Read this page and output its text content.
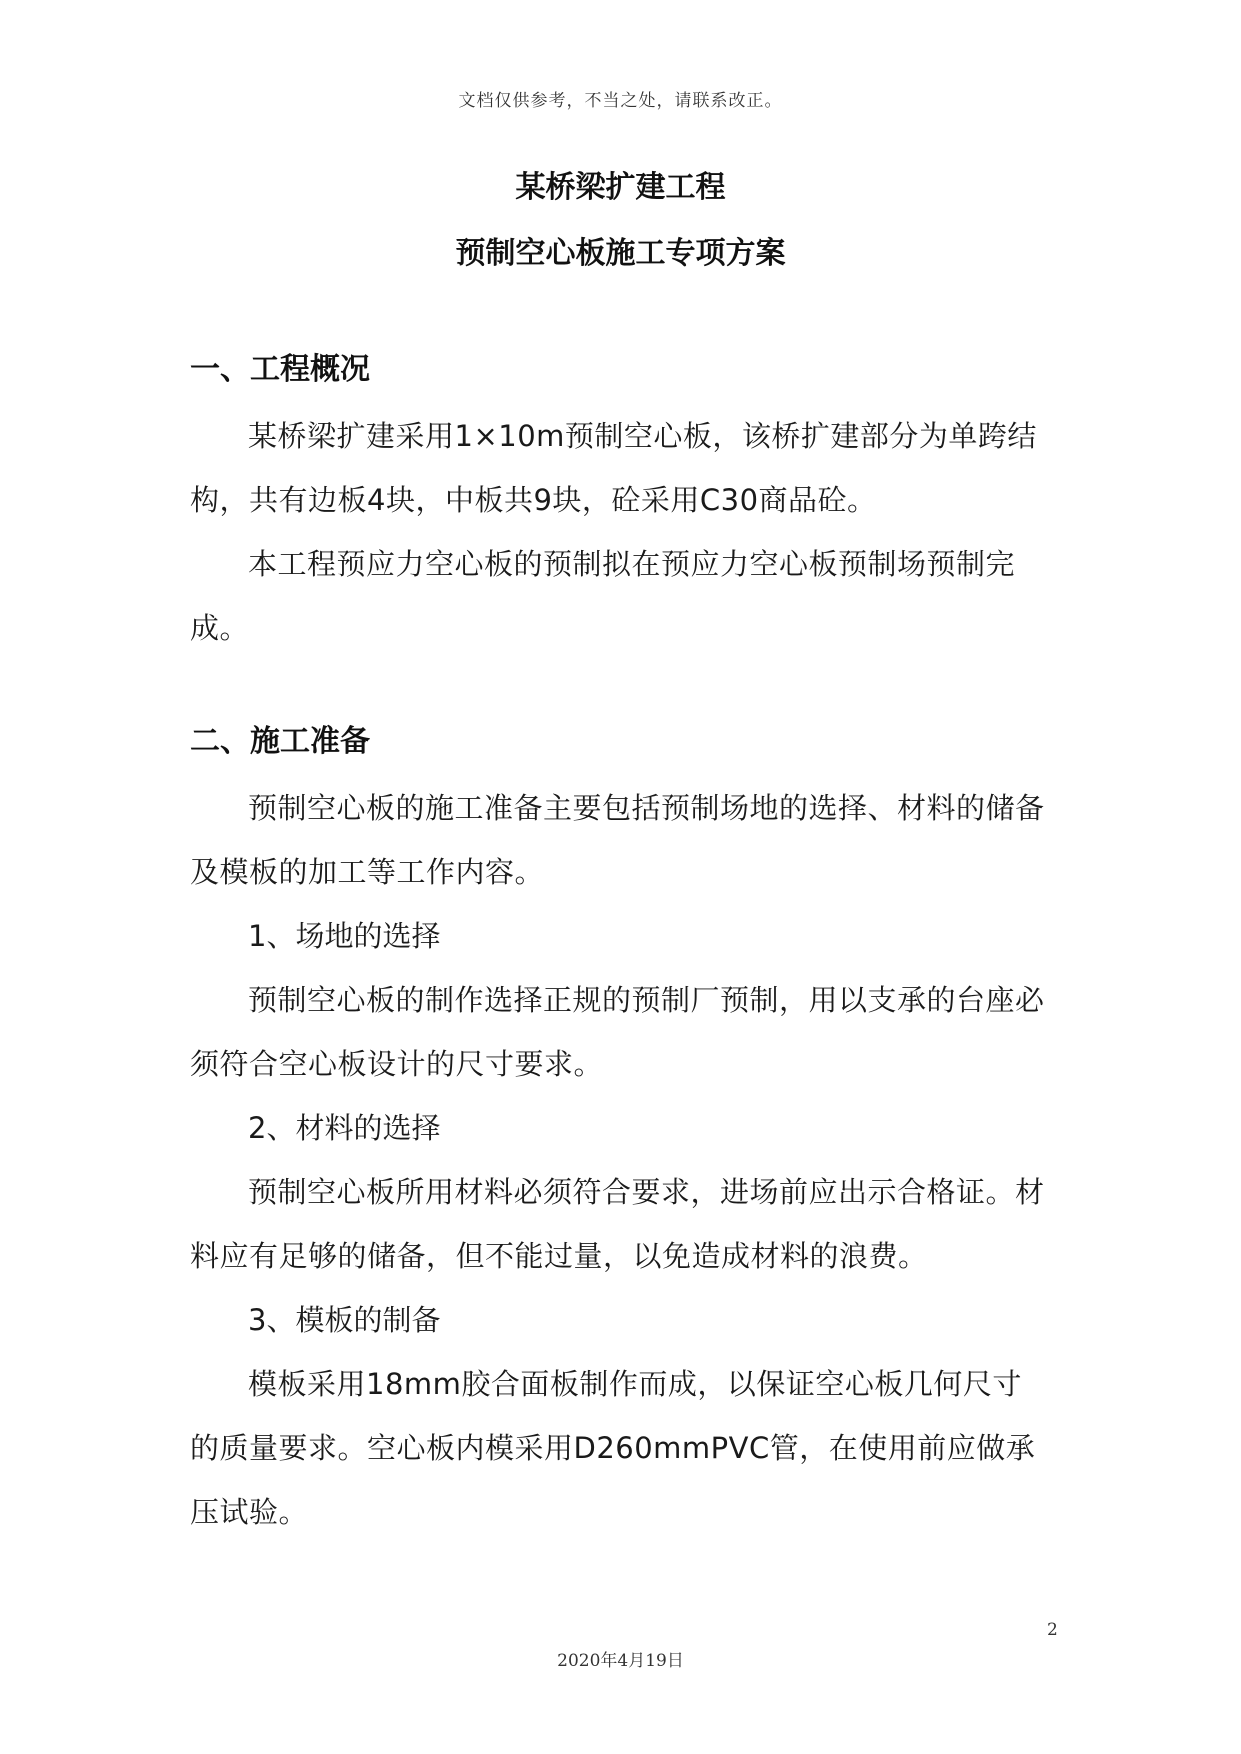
文档仅供参考，不当之处，请联系改正。
某桥梁扩建工程
预制空心板施工专项方案
一、工程概况

某桥梁扩建采用1×10m预制空心板，该桥扩建部分为单跨结构，共有边板4块，中板共9块，砼采用C30商品砼。

本工程预应力空心板的预制拟在预应力空心板预制场预制完成。

二、施工准备

预制空心板的施工准备主要包括预制场地的选择、材料的储备及模板的加工等工作内容。

1、场地的选择

预制空心板的制作选择正规的预制厂预制，用以支承的台座必须符合空心板设计的尺寸要求。

2、材料的选择

预制空心板所用材料必须符合要求，进场前应出示合格证。材料应有足够的储备，但不能过量，以免造成材料的浪费。

3、模板的制备

模板采用18mm胶合面板制作而成，以保证空心板几何尺寸的质量要求。空心板内模采用D260mmPVC管，在使用前应做承压试验。

2
2020年4月19日
